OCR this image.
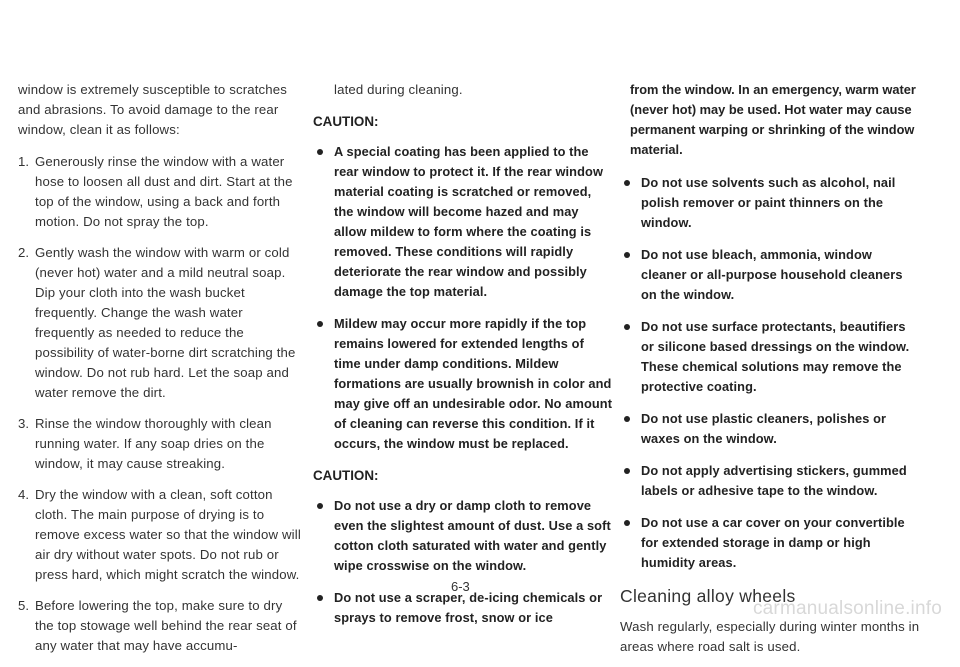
window is extremely susceptible to scratches and abrasions. To avoid damage to the rear window, clean it as follows:

1. Generously rinse the window with a water hose to loosen all dust and dirt. Start at the top of the window, using a back and forth motion. Do not spray the top.

2. Gently wash the window with warm or cold (never hot) water and a mild neutral soap. Dip your cloth into the wash bucket frequently. Change the wash water frequently as needed to reduce the possibility of water-borne dirt scratching the window. Do not rub hard. Let the soap and water remove the dirt.

3. Rinse the window thoroughly with clean running water. If any soap dries on the window, it may cause streaking.

4. Dry the window with a clean, soft cotton cloth. The main purpose of drying is to remove excess water so that the window will air dry without water spots. Do not rub or press hard, which might scratch the window.

5. Before lowering the top, make sure to dry the top stowage well behind the rear seat of any water that may have accumu-

lated during cleaning.

CAUTION:

A special coating has been applied to the rear window to protect it. If the rear window material coating is scratched or removed, the window will become hazed and may allow mildew to form where the coating is removed. These conditions will rapidly deteriorate the rear window and possibly damage the top material.
Mildew may occur more rapidly if the top remains lowered for extended lengths of time under damp conditions. Mildew formations are usually brownish in color and may give off an undesirable odor. No amount of cleaning can reverse this condition. If it occurs, the window must be replaced.

CAUTION:

Do not use a dry or damp cloth to remove even the slightest amount of dust. Use a soft cotton cloth saturated with water and gently wipe crosswise on the window.
Do not use a scraper, de-icing chemicals or sprays to remove frost, snow or ice

from the window. In an emergency, warm water (never hot) may be used. Hot water may cause permanent warping or shrinking of the window material.

Do not use solvents such as alcohol, nail polish remover or paint thinners on the window.
Do not use bleach, ammonia, window cleaner or all-purpose household cleaners on the window.
Do not use surface protectants, beautifiers or silicone based dressings on the window. These chemical solutions may remove the protective coating.
Do not use plastic cleaners, polishes or waxes on the window.
Do not apply advertising stickers, gummed labels or adhesive tape to the window.
Do not use a car cover on your convertible for extended storage in damp or high humidity areas.
Cleaning alloy wheels

Wash regularly, especially during winter months in areas where road salt is used.

6-3
carmanualsonline.info
